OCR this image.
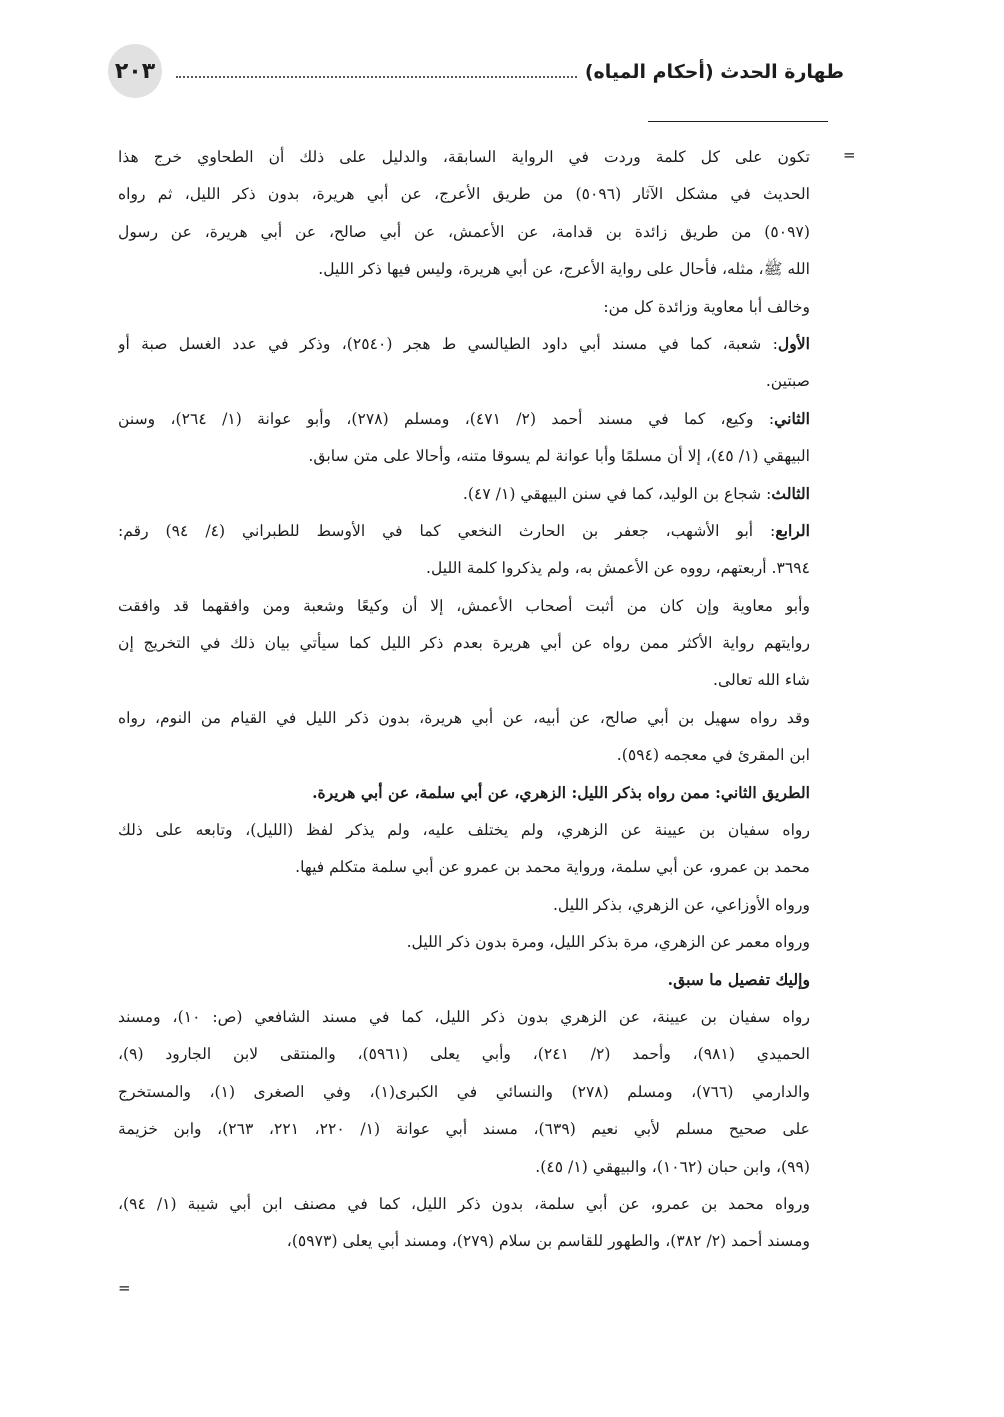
٢٠٣	طهارة الحدث (أحكام المياه)
=
=
تكون على كل كلمة وردت في الرواية السابقة، والدليل على ذلك أن الطحاوي خرج هذا
الحديث في مشكل الآثار (٥٠٩٦) من طريق الأعرج، عن أبي هريرة، بدون ذكر الليل، ثم رواه
(٥٠٩٧) من طريق زائدة بن قدامة، عن الأعمش، عن أبي صالح، عن أبي هريرة، عن رسول
الله ﷺ، مثله، فأحال على رواية الأعرج، عن أبي هريرة، وليس فيها ذكر الليل.
وخالف أبا معاوية وزائدة كل من:
الأول: شعبة، كما في مسند أبي داود الطيالسي ط هجر (٢٥٤٠)، وذكر في عدد الغسل صبة أو
صبتين.
الثاني: وكيع، كما في مسند أحمد (٢/ ٤٧١)، ومسلم (٢٧٨)، وأبو عوانة (١/ ٢٦٤)، وسنن
البيهقي (١/ ٤٥)، إلا أن مسلمًا وأبا عوانة لم يسوقا متنه، وأحالا على متن سابق.
الثالث: شجاع بن الوليد، كما في سنن البيهقي (١/ ٤٧).
الرابع: أبو الأشهب، جعفر بن الحارث النخعي كما في الأوسط للطبراني (٤/ ٩٤) رقم:
٣٦٩٤. أربعتهم، رووه عن الأعمش به، ولم يذكروا كلمة الليل.
وأبو معاوية وإن كان من أثبت أصحاب الأعمش، إلا أن وكيعًا وشعبة ومن وافقهما قد وافقت
روايتهم رواية الأكثر ممن رواه عن أبي هريرة بعدم ذكر الليل كما سيأتي بيان ذلك في التخريج إن
شاء الله تعالى.
وقد رواه سهيل بن أبي صالح، عن أبيه، عن أبي هريرة، بدون ذكر الليل في القيام من النوم، رواه
ابن المقرئ في معجمه (٥٩٤).
الطريق الثاني: ممن رواه بذكر الليل: الزهري، عن أبي سلمة، عن أبي هريرة.
رواه سفيان بن عيينة عن الزهري، ولم يختلف عليه، ولم يذكر لفظ (الليل)، وتابعه على ذلك
محمد بن عمرو، عن أبي سلمة، ورواية محمد بن عمرو عن أبي سلمة متكلم فيها.
ورواه الأوزاعي، عن الزهري، بذكر الليل.
ورواه معمر عن الزهري، مرة بذكر الليل، ومرة بدون ذكر الليل.
وإليك تفصيل ما سبق.
رواه سفيان بن عيينة، عن الزهري بدون ذكر الليل، كما في مسند الشافعي (ص: ١٠)، ومسند
الحميدي (٩٨١)، وأحمد (٢/ ٢٤١)، وأبي يعلى (٥٩٦١)، والمنتقى لابن الجارود (٩)،
والدارمي (٧٦٦)، ومسلم (٢٧٨) والنسائي في الكبرى(١)، وفي الصغرى (١)، والمستخرج
على صحيح مسلم لأبي نعيم (٦٣٩)، مسند أبي عوانة (١/ ٢٢٠، ٢٢١، ٢٦٣)، وابن خزيمة
(٩٩)، وابن حبان (١٠٦٢)، والبيهقي (١/ ٤٥).
ورواه محمد بن عمرو، عن أبي سلمة، بدون ذكر الليل، كما في مصنف ابن أبي شيبة (١/ ٩٤)،
ومسند أحمد (٢/ ٣٨٢)، والطهور للقاسم بن سلام (٢٧٩)، ومسند أبي يعلى (٥٩٧٣)،
